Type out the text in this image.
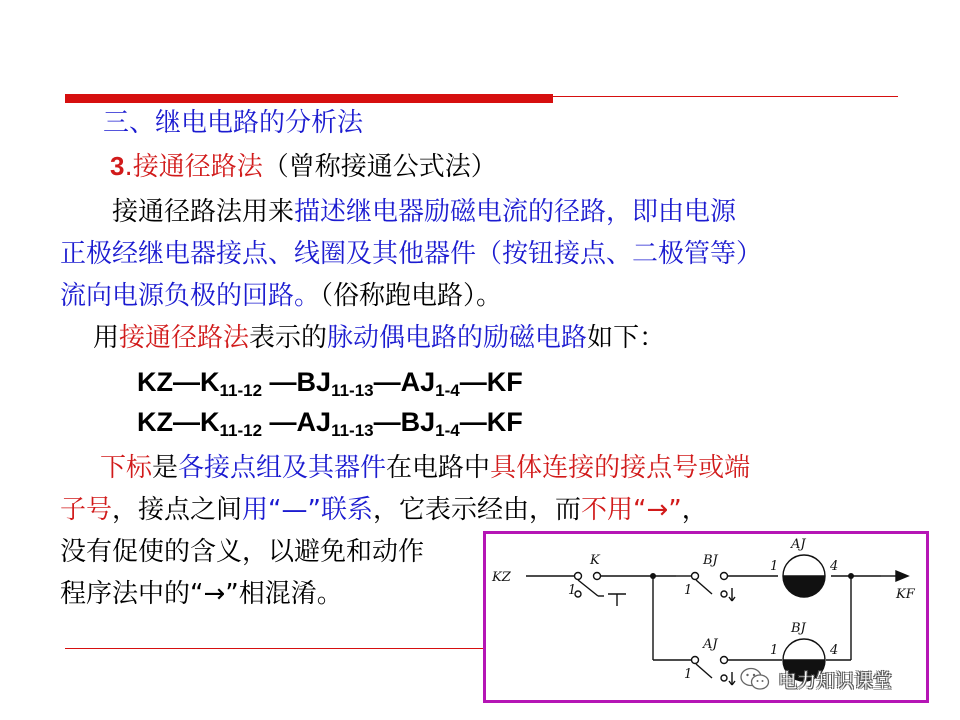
三、继电电路的分析法
3.接通径路法（曾称接通公式法）
接通径路法用来描述继电器励磁电流的径路，即由电源
正极经继电器接点、线圈及其他器件（按钮接点、二极管等）
流向电源负极的回路。（俗称跑电路）。
用接通径路法表示的脉动偶电路的励磁电路如下：
$KZ—K_{11-12}$ $—BJ_{11-13}—AJ_{1-4}—KF$
$KZ—K_{11-12}$ $—AJ_{11-13}—BJ_{1-4}—KF$
下标是各接点组及其器件在电路中具体连接的接点号或端
子号，接点之间用“—”联系，它表示经由，而不用“→”，
没有促使的含义，以避免和动作
程序法中的“→”相混淆。
KZ
KF
K	BJ
AJ
AJ
BJ
1	1
1
1
4
4
1
电力知识课堂
